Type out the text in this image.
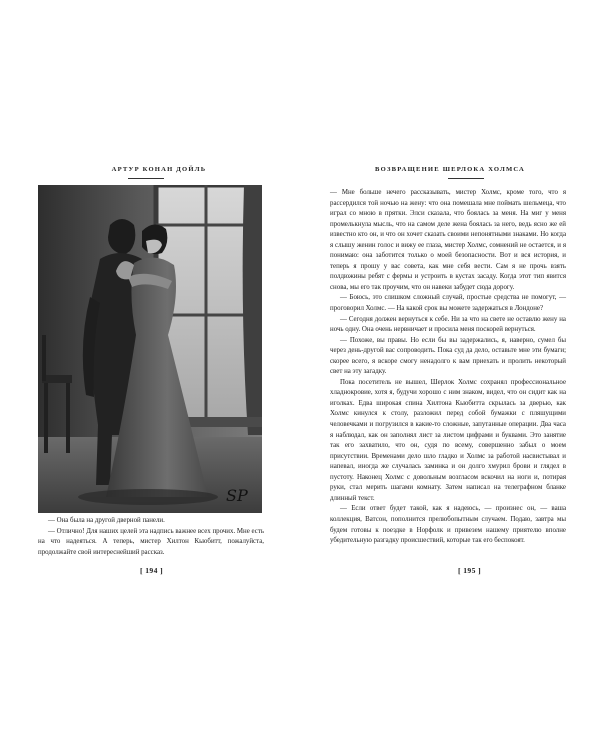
АРТУР КОНАН ДОЙЛЬ
SP

— Она была на другой дверной панели.

— Отлично! Для наших целей эта надпись важнее всех прочих. Мне есть на что надеяться. А теперь, мистер Хилтон Кьюбитт, пожалуйста, продолжайте свой интереснейший рассказ.

[ 194 ]
ВОЗВРАЩЕНИЕ ШЕРЛОКА ХОЛМСА

— Мне больше нечего рассказывать, мистер Холмс, кроме того, что я рассердился той ночью на жену: что она помешала мне поймать шельмеца, что играл со мною в прятки. Элси сказала, что боялась за меня. На миг у меня промелькнула мысль, что на самом деле жена боялась за него, ведь ясно же ей известно кто он, и что он хочет сказать своими непонятными знаками. Но когда я слышу женин голос и вижу ее глаза, мистер Холмс, сомнений не остается, и я понимаю: она заботится только о моей безопасности. Вот и вся история, и теперь я прошу у вас совета, как мне себя вести. Сам я не прочь взять полдюжины ребят с фермы и устроить в кустах засаду. Когда этот тип явится снова, мы его так проучим, что он навеки забудет сюда дорогу.

— Боюсь, это слишком сложный случай, простые средства не помогут, — проговорил Холмс. — На какой срок вы можете задержаться в Лондоне?

— Сегодня должен вернуться к себе. Ни за что на свете не оставлю жену на ночь одну. Она очень нервничает и просила меня поскорей вернуться.

— Похоже, вы правы. Но если бы вы задержались, я, наверно, сумел бы через день-другой вас сопроводить. Пока суд да дело, оставьте мне эти бумаги; скорее всего, я вскоре смогу ненадолго к вам приехать и пролить некоторый свет на эту загадку.

Пока посетитель не вышел, Шерлок Холмс сохранял профессиональное хладнокровие, хотя я, будучи хорошо с ним знаком, видел, что он сидит как на иголках. Едва широкая спина Хилтона Кьюбитта скрылась за дверью, как Холмс кинулся к столу, разложил перед собой бумажки с пляшущими человечками и погрузился в какие-то сложные, запутанные операции. Два часа я наблюдал, как он заполнял лист за листом цифрами и буквами. Это занятие так его захватило, что он, судя по всему, совершенно забыл о моем присутствии. Временами дело шло гладко и Холмс за работой насвистывал и напевал, иногда же случалась заминка и он долго хмурил брови и глядел в пустоту. Наконец Холмс с довольным возгласом вскочил на ноги и, потирая руки, стал мерить шагами комнату. Затем написал на телеграфном бланке длинный текст.

— Если ответ будет такой, как я надеюсь, — произнес он, — ваша коллекция, Ватсон, пополнится прелюбопытным случаем. Подаю, завтра мы будем готовы к поездке в Норфолк и привезем нашему приятелю вполне убедительную разгадку происшествий, которые так его беспокоят.

[ 195 ]
